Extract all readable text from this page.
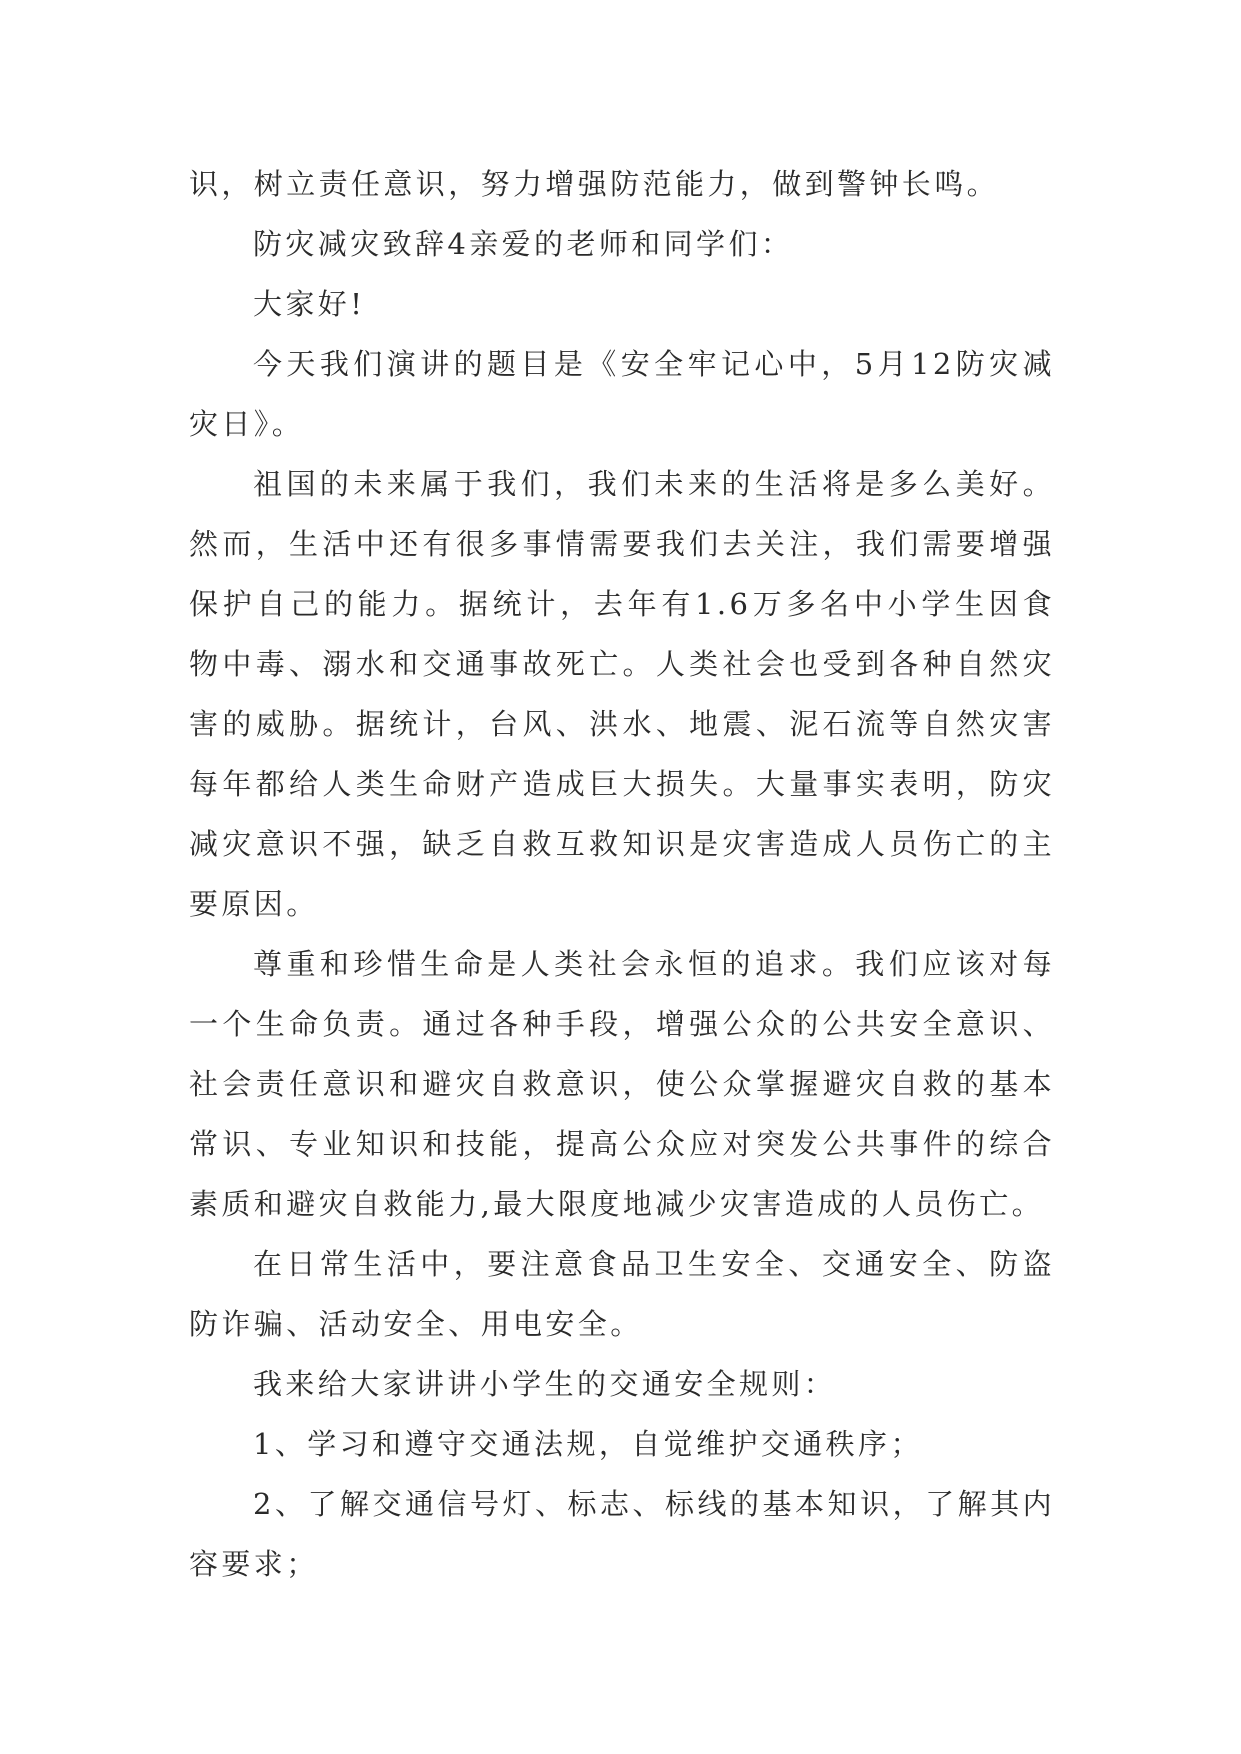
识，树立责任意识，努力增强防范能力，做到警钟长鸣。

防灾减灾致辞4亲爱的老师和同学们：

大家好!

今天我们演讲的题目是《安全牢记心中，5月12防灾减灾日》。

祖国的未来属于我们，我们未来的生活将是多么美好。然而，生活中还有很多事情需要我们去关注，我们需要增强保护自己的能力。据统计，去年有1.6万多名中小学生因食物中毒、溺水和交通事故死亡。人类社会也受到各种自然灾害的威胁。据统计，台风、洪水、地震、泥石流等自然灾害每年都给人类生命财产造成巨大损失。大量事实表明，防灾减灾意识不强，缺乏自救互救知识是灾害造成人员伤亡的主要原因。

尊重和珍惜生命是人类社会永恒的追求。我们应该对每一个生命负责。通过各种手段，增强公众的公共安全意识、社会责任意识和避灾自救意识，使公众掌握避灾自救的基本常识、专业知识和技能，提高公众应对突发公共事件的综合素质和避灾自救能力,最大限度地减少灾害造成的人员伤亡。

在日常生活中，要注意食品卫生安全、交通安全、防盗防诈骗、活动安全、用电安全。

我来给大家讲讲小学生的交通安全规则：

1、学习和遵守交通法规，自觉维护交通秩序；

2、了解交通信号灯、标志、标线的基本知识，了解其内容要求；
